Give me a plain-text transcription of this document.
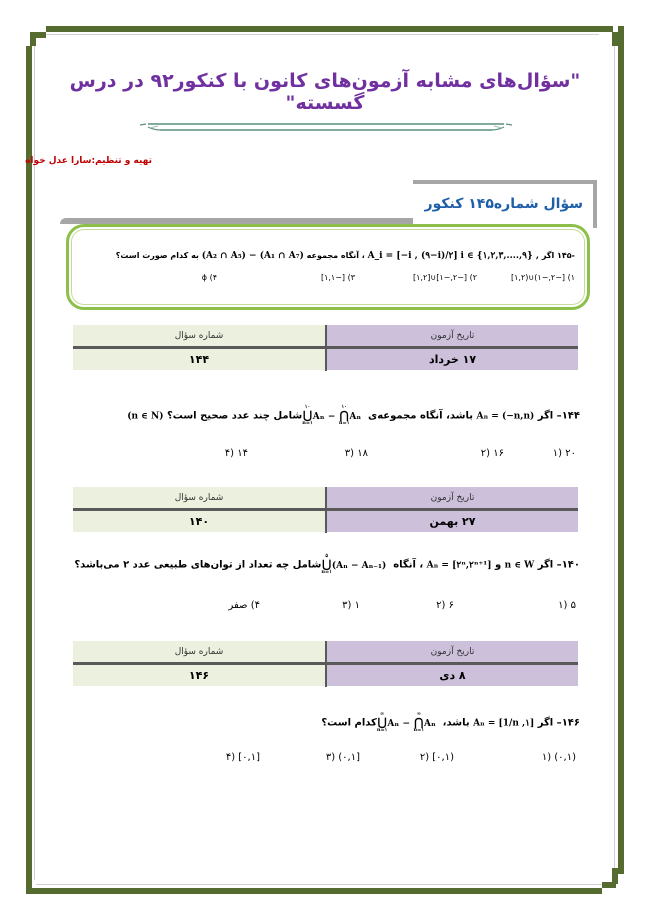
"سؤال‌های مشابه آزمون‌های کانون با کنکور۹۲ در درس گسسته"
تهیه و تنظیم:سارا عدل خواه
سؤال شماره۱۴۵ کنکور
-۱۴۵ اگر i ∈ {۱,۲,۳,....,۹} , A_i = [−i , (۹−i)/۲] ، آنگاه مجموعه (A₂ ∩ A₅) − (A₁ ∩ A₇) به کدام صورت است؟
۱) [−۲,−۱)∪(۱,۲]
۲) [−۲,−۱]∪[۱,۲]
۳) [−۱,۱]
۴) ϕ
تاریخ آزمون
شماره سؤال
۱۷ خرداد
۱۴۴
۱۴۴– اگر Aₙ = (−n,n) باشد، آنگاه مجموعه‌ی
۱۰
⋃
n=۱
Aₙ −
۱۰
⋂
n=۱
Aₙ شامل چند عدد صحیح است؟ (n ∈ N)
۲۰ (۱
۱۶ (۲
۱۸ (۳
۱۴ (۴
تاریخ آزمون
شماره سؤال
۲۷ بهمن
۱۴۰
۱۴۰– اگر n ∈ W و Aₙ = [۲ⁿ,۲ⁿ⁺¹] ، آنگاه
۵
⋃
n=۱
(Aₙ − Aₙ₋₁) شامل چه تعداد از توان‌های طبیعی عدد ۲ می‌باشد؟
۵ (۱
۶ (۲
۱ (۳
۴) صفر
تاریخ آزمون
شماره سؤال
۸ دی
۱۴۶
۱۴۶– اگر Aₙ = [1/n ,۱] باشد،
∞
⋃
n=۱
Aₙ −
∞
⋂
n=۱
Aₙ کدام است؟
(۰,۱) (۱
(۰,۱] (۲
[۰,۱) (۳
[۰,۱] (۴
